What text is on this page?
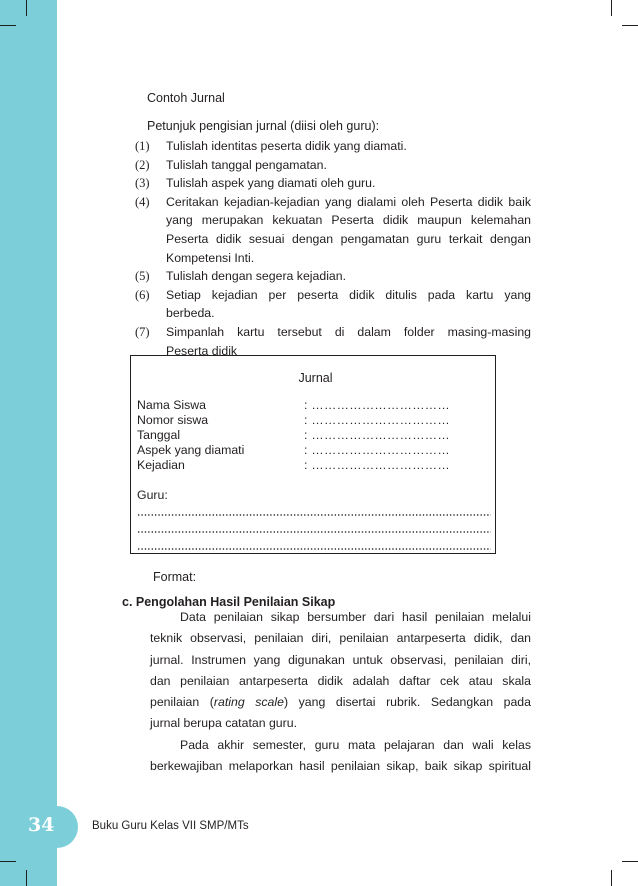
34	Buku Guru Kelas VII SMP/MTs
Contoh Jurnal
Petunjuk pengisian jurnal (diisi oleh guru):
(1)	Tulislah identitas peserta didik yang diamati.
(2)	Tulislah tanggal pengamatan.
(3)	Tulislah aspek yang diamati oleh guru.
(4)	Ceritakan kejadian-kejadian yang dialami oleh Peserta didik baik
yang merupakan kekuatan Peserta didik maupun kelemahan
Peserta didik sesuai dengan pengamatan guru terkait dengan
Kompetensi Inti.
(5)	Tulislah dengan segera kejadian.
(6)	Setiap kejadian per peserta didik ditulis pada kartu yang
berbeda.
(7)	Simpanlah kartu tersebut di dalam folder masing-masing
Peserta didik
Jurnal
Nama Siswa	: ……………………………
Nomor siswa	: ……………………………
Tanggal	: ……………………………
Aspek yang diamati	: ……………………………
Kejadian	: ……………………………
Guru:
Format:
c. Pengolahan Hasil Penilaian Sikap
Data penilaian sikap bersumber dari hasil penilaian melalui
teknik observasi, penilaian diri, penilaian antarpeserta didik, dan
jurnal. Instrumen yang digunakan untuk observasi, penilaian diri,
dan penilaian antarpeserta didik adalah daftar cek atau skala
penilaian (rating scale) yang disertai rubrik. Sedangkan pada
jurnal berupa catatan guru.
Pada akhir semester, guru mata pelajaran dan wali kelas
berkewajiban melaporkan hasil penilaian sikap, baik sikap spiritual
